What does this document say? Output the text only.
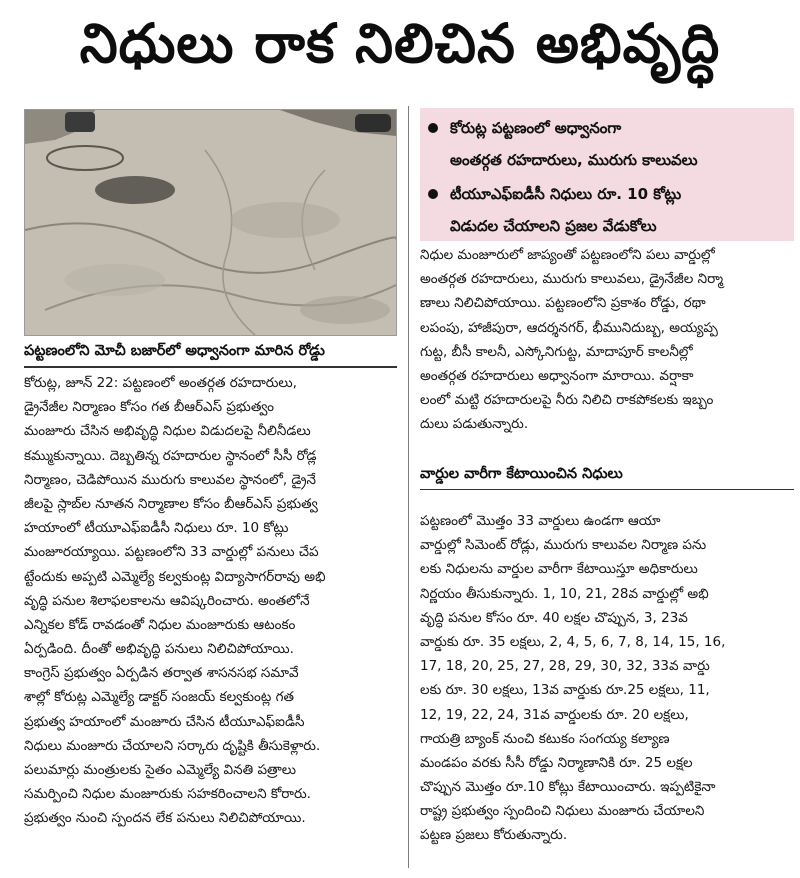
నిధులు రాక నిలిచిన అభివృద్ధి
పట్టణంలోని మోచీ బజార్‌లో అధ్వానంగా మారిన రోడ్డు
కోరుట్ల పట్టణంలో అధ్వానంగా
అంతర్గత రహదారులు, మురుగు కాలువలు
టీయూఎఫ్‌ఐడీసీ నిధులు రూ. 10 కోట్లు
విడుదల చేయాలని ప్రజల వేడుకోలు
కోరుట్ల, జూన్ 22: పట్టణంలో అంతర్గత రహదారులు,
డ్రైనేజీల నిర్మాణం కోసం గత బీఆర్ఎస్ ప్రభుత్వం
మంజూరు చేసిన అభివృద్ధి నిధుల విడుదలపై నీలినీడలు
కమ్ముకున్నాయి. దెబ్బతిన్న రహదారుల స్థానంలో సీసీ రోడ్ల
నిర్మాణం, చెడిపోయిన మురుగు కాలువల స్థానంలో, డ్రైనే
జీలపై స్లాబ్‌ల నూతన నిర్మాణాల కోసం బీఆర్ఎస్ ప్రభుత్వ
హయాంలో టీయూఎఫ్ఐడీసీ నిధులు రూ. 10 కోట్లు
మంజూరయ్యాయి. పట్టణంలోని 33 వార్డుల్లో పనులు చేప
ట్టేందుకు అప్పటి ఎమ్మెల్యే కల్వకుంట్ల విద్యాసాగర్‌రావు అభి
వృద్ధి పనుల శిలాఫలకాలను ఆవిష్కరించారు. అంతలోనే
ఎన్నికల కోడ్ రావడంతో నిధుల మంజూరుకు ఆటంకం
ఏర్పడింది. దీంతో అభివృద్ధి పనులు నిలిచిపోయాయి.
కాంగ్రెస్ ప్రభుత్వం ఏర్పడిన తర్వాత శాసనసభ సమావే
శాల్లో కోరుట్ల ఎమ్మెల్యే డాక్టర్ సంజయ్ కల్వకుంట్ల గత
ప్రభుత్వ హయాంలో మంజూరు చేసిన టీయూఎఫ్ఐడీసీ
నిధులు మంజూరు చేయాలని సర్కారు దృష్టికి తీసుకెళ్లారు.
పలుమార్లు మంత్రులకు సైతం ఎమ్మెల్యే వినతి పత్రాలు
సమర్పించి నిధుల మంజూరుకు సహకరించాలని కోరారు.
ప్రభుత్వం నుంచి స్పందన లేక పనులు నిలిచిపోయాయి.
నిధుల మంజూరులో జాప్యంతో పట్టణంలోని పలు వార్డుల్లో
అంతర్గత రహదారులు, మురుగు కాలువలు, డ్రైనేజీల నిర్మా
ణాలు నిలిచిపోయాయి. పట్టణంలోని ప్రకాశం రోడ్డు, రథా
లపంపు, హాజీపురా, ఆదర్శనగర్, భీమునిదుబ్బ, అయ్యప్ప
గుట్ట, బీసీ కాలనీ, ఎస్కోనిగుట్ట, మాదాపూర్ కాలనీల్లో
అంతర్గత రహదారులు అధ్వానంగా మారాయి. వర్షాకా
లంలో మట్టి రహదారులపై నీరు నిలిచి రాకపోకలకు ఇబ్బం
దులు పడుతున్నారు.
వార్డుల వారీగా కేటాయించిన నిధులు
పట్టణంలో మొత్తం 33 వార్డులు ఉండగా ఆయా
వార్డుల్లో సిమెంట్ రోడ్లు, మురుగు కాలువల నిర్మాణ పను
లకు నిధులను వార్డుల వారీగా కేటాయిస్తూ అధికారులు
నిర్ణయం తీసుకున్నారు. 1, 10, 21, 28వ వార్డుల్లో అభి
వృద్ధి పనుల కోసం రూ. 40 లక్షల చొప్పున, 3, 23వ
వార్డుకు రూ. 35 లక్షలు, 2, 4, 5, 6, 7, 8, 14, 15, 16,
17, 18, 20, 25, 27, 28, 29, 30, 32, 33వ వార్డు
లకు రూ. 30 లక్షలు, 13వ వార్డుకు రూ.25 లక్షలు, 11,
12, 19, 22, 24, 31వ వార్డులకు రూ. 20 లక్షలు,
గాయత్రి బ్యాంక్ నుంచి కటుకం సంగయ్య కల్యాణ
మండపం వరకు సీసీ రోడ్డు నిర్మాణానికి రూ. 25 లక్షల
చొప్పున మొత్తం రూ.10 కోట్లు కేటాయించారు. ఇప్పటికైనా
రాష్ట్ర ప్రభుత్వం స్పందించి నిధులు మంజూరు చేయాలని
పట్టణ ప్రజలు కోరుతున్నారు.
